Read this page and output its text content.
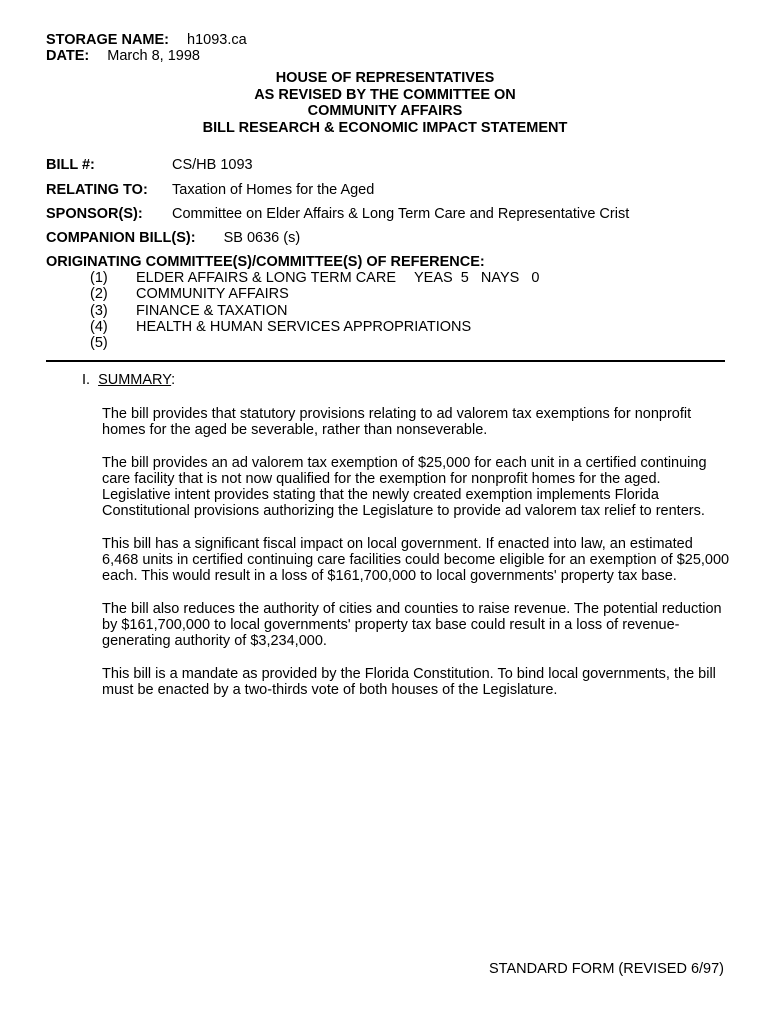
STORAGE NAME: h1093.ca
DATE: March 8, 1998
HOUSE OF REPRESENTATIVES
AS REVISED BY THE COMMITTEE ON
COMMUNITY AFFAIRS
BILL RESEARCH & ECONOMIC IMPACT STATEMENT
BILL #:	CS/HB 1093
RELATING TO: Taxation of Homes for the Aged
SPONSOR(S): Committee on Elder Affairs & Long Term Care and Representative Crist
COMPANION BILL(S): SB 0636 (s)
ORIGINATING COMMITTEE(S)/COMMITTEE(S) OF REFERENCE:
(1) ELDER AFFAIRS & LONG TERM CARE YEAS  5   NAYS   0
(2) COMMUNITY AFFAIRS
(3) FINANCE & TAXATION
(4) HEALTH & HUMAN SERVICES APPROPRIATIONS
(5)
I. SUMMARY:

The bill provides that statutory provisions relating to ad valorem tax exemptions for nonprofit homes for the aged be severable, rather than nonseverable.

The bill provides an ad valorem tax exemption of $25,000 for each unit in a certified continuing care facility that is not now qualified for the exemption for nonprofit homes for the aged. Legislative intent provides stating that the newly created exemption implements Florida Constitutional provisions authorizing the Legislature to provide ad valorem tax relief to renters.

This bill has a significant fiscal impact on local government. If enacted into law, an estimated 6,468 units in certified continuing care facilities could become eligible for an exemption of $25,000 each. This would result in a loss of $161,700,000 to local governments' property tax base.

The bill also reduces the authority of cities and counties to raise revenue. The potential reduction by $161,700,000 to local governments' property tax base could result in a loss of revenue-generating authority of $3,234,000.

This bill is a mandate as provided by the Florida Constitution. To bind local governments, the bill must be enacted by a two-thirds vote of both houses of the Legislature.

STANDARD FORM (REVISED 6/97)
